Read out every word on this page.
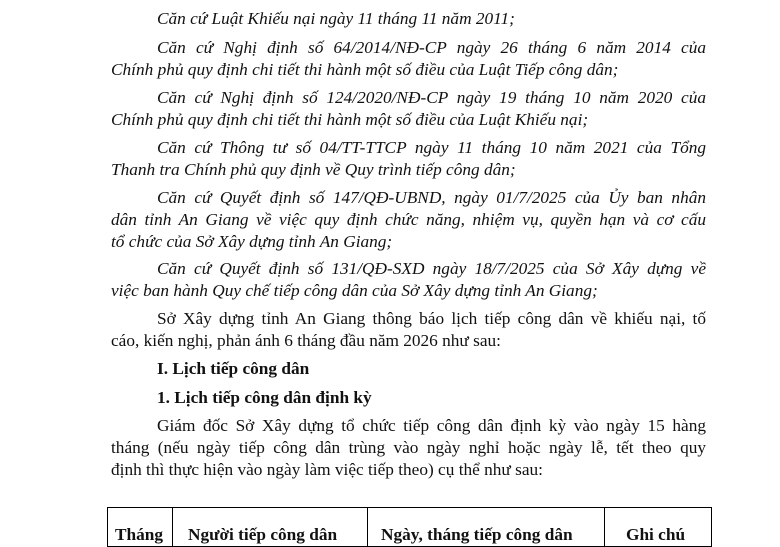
Căn cứ Luật Khiếu nại ngày 11 tháng 11 năm 2011;
Căn cứ Nghị định số 64/2014/NĐ-CP ngày 26 tháng 6 năm 2014 của
Chính phủ quy định chi tiết thi hành một số điều của Luật Tiếp công dân;
Căn cứ Nghị định số 124/2020/NĐ-CP ngày 19 tháng 10 năm 2020 của
Chính phủ quy định chi tiết thi hành một số điều của Luật Khiếu nại;
Căn cứ Thông tư số 04/TT-TTCP ngày 11 tháng 10 năm 2021 của Tổng
Thanh tra Chính phủ quy định về Quy trình tiếp công dân;
Căn cứ Quyết định số 147/QĐ-UBND, ngày 01/7/2025 của Ủy ban nhân
dân tỉnh An Giang về việc quy định chức năng, nhiệm vụ, quyền hạn và cơ cấu
tổ chức của Sở Xây dựng tỉnh An Giang;
Căn cứ Quyết định số 131/QĐ-SXD ngày 18/7/2025 của Sở Xây dựng về
việc ban hành Quy chế tiếp công dân của Sở Xây dựng tỉnh An Giang;
Sở Xây dựng tỉnh An Giang thông báo lịch tiếp công dân về khiếu nại, tố
cáo, kiến nghị, phản ánh 6 tháng đầu năm 2026 như sau:
I. Lịch tiếp công dân
1. Lịch tiếp công dân định kỳ
Giám đốc Sở Xây dựng tổ chức tiếp công dân định kỳ vào ngày 15 hàng
tháng (nếu ngày tiếp công dân trùng vào ngày nghỉ hoặc ngày lễ, tết theo quy
định thì thực hiện vào ngày làm việc tiếp theo) cụ thể như sau:
Tháng Người tiếp công dân	Ngày, tháng tiếp công dân	Ghi chú
